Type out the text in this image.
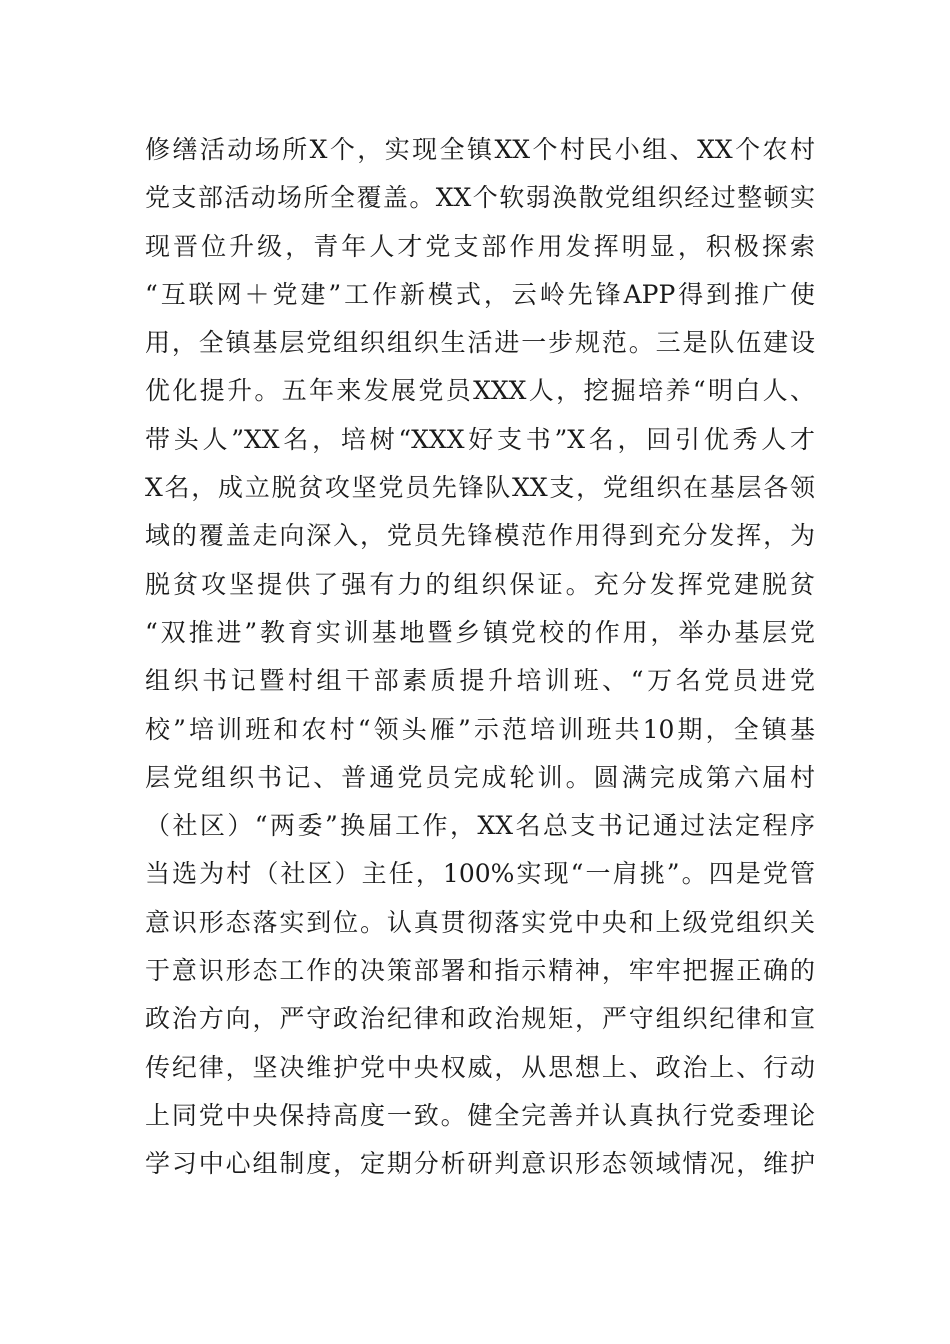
修缮活动场所X个，实现全镇XX个村民小组、XX个农村
党支部活动场所全覆盖。XX个软弱涣散党组织经过整顿实
现晋位升级，青年人才党支部作用发挥明显，积极探索
“互联网＋党建”工作新模式，云岭先锋APP得到推广使
用，全镇基层党组织组织生活进一步规范。三是队伍建设
优化提升。五年来发展党员XXX人，挖掘培养“明白人、
带头人”XX名，培树“XXX好支书”X名，回引优秀人才
X名，成立脱贫攻坚党员先锋队XX支，党组织在基层各领
域的覆盖走向深入，党员先锋模范作用得到充分发挥，为
脱贫攻坚提供了强有力的组织保证。充分发挥党建脱贫
“双推进”教育实训基地暨乡镇党校的作用，举办基层党
组织书记暨村组干部素质提升培训班、“万名党员进党
校”培训班和农村“领头雁”示范培训班共10期，全镇基
层党组织书记、普通党员完成轮训。圆满完成第六届村
（社区）“两委”换届工作，XX名总支书记通过法定程序
当选为村（社区）主任，100%实现“一肩挑”。四是党管
意识形态落实到位。认真贯彻落实党中央和上级党组织关
于意识形态工作的决策部署和指示精神，牢牢把握正确的
政治方向，严守政治纪律和政治规矩，严守组织纪律和宣
传纪律，坚决维护党中央权威，从思想上、政治上、行动
上同党中央保持高度一致。健全完善并认真执行党委理论
学习中心组制度，定期分析研判意识形态领域情况，维护
